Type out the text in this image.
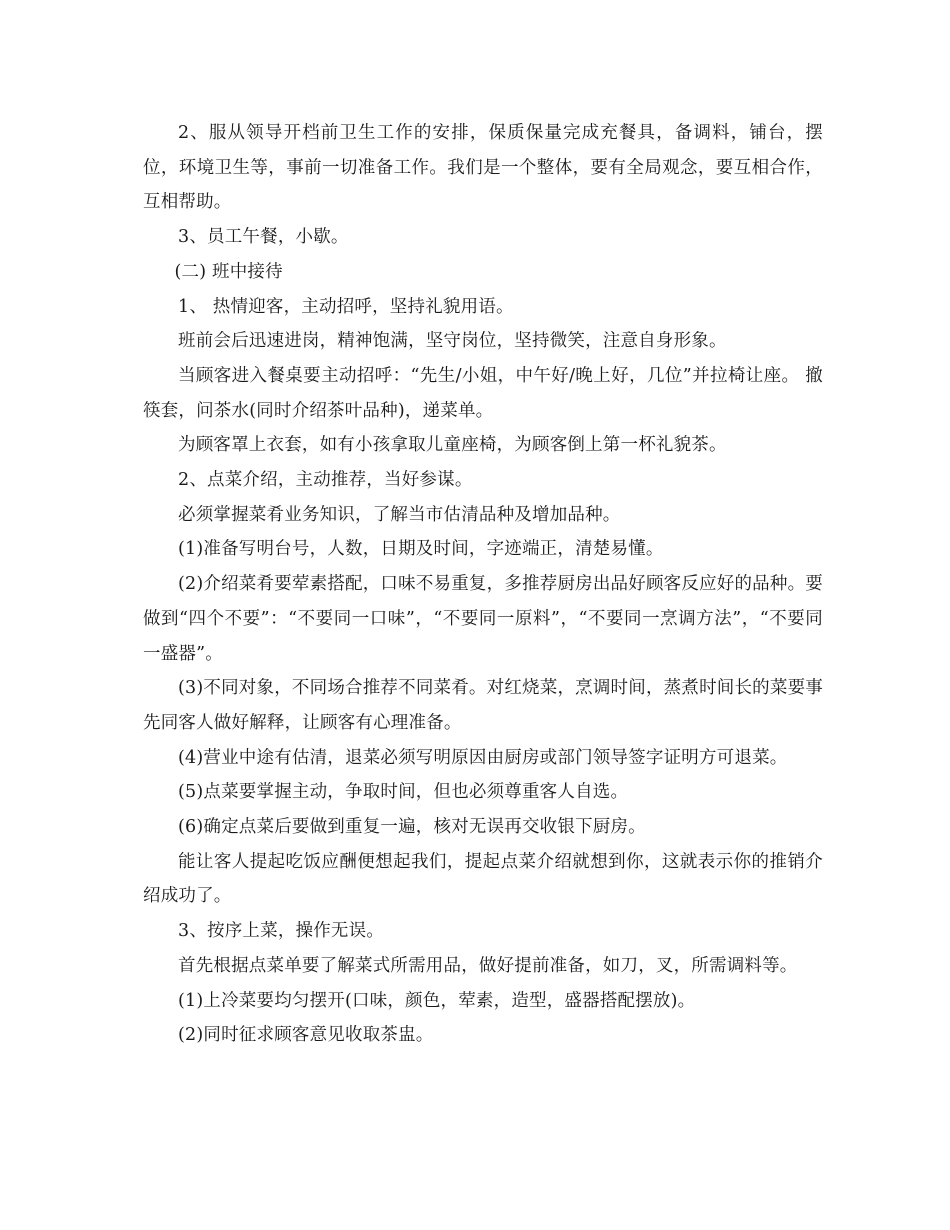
2、服从领导开档前卫生工作的安排，保质保量完成充餐具，备调料，铺台，摆位，环境卫生等，事前一切准备工作。我们是一个整体，要有全局观念，要互相合作，互相帮助。

3、员工午餐，小歇。

(二) 班中接待

1、 热情迎客，主动招呼，坚持礼貌用语。

班前会后迅速进岗，精神饱满，坚守岗位，坚持微笑，注意自身形象。

当顾客进入餐桌要主动招呼：“先生/小姐，中午好/晚上好，几位”并拉椅让座。 撤筷套，问茶水(同时介绍茶叶品种)，递菜单。

为顾客罩上衣套，如有小孩拿取儿童座椅，为顾客倒上第一杯礼貌茶。

2、点菜介绍，主动推荐，当好参谋。

必须掌握菜肴业务知识，了解当市估清品种及增加品种。

(1)准备写明台号，人数，日期及时间，字迹端正，清楚易懂。

(2)介绍菜肴要荤素搭配，口味不易重复，多推荐厨房出品好顾客反应好的品种。要做到“四个不要”：“不要同一口味”，“不要同一原料”，“不要同一烹调方法”，“不要同一盛器”。

(3)不同对象，不同场合推荐不同菜肴。对红烧菜，烹调时间，蒸煮时间长的菜要事先同客人做好解释，让顾客有心理准备。

(4)营业中途有估清，退菜必须写明原因由厨房或部门领导签字证明方可退菜。

(5)点菜要掌握主动，争取时间，但也必须尊重客人自选。

(6)确定点菜后要做到重复一遍，核对无误再交收银下厨房。

能让客人提起吃饭应酬便想起我们，提起点菜介绍就想到你，这就表示你的推销介绍成功了。

3、按序上菜，操作无误。

首先根据点菜单要了解菜式所需用品，做好提前准备，如刀，叉，所需调料等。

(1)上冷菜要均匀摆开(口味，颜色，荤素，造型，盛器搭配摆放)。

(2)同时征求顾客意见收取茶盅。
